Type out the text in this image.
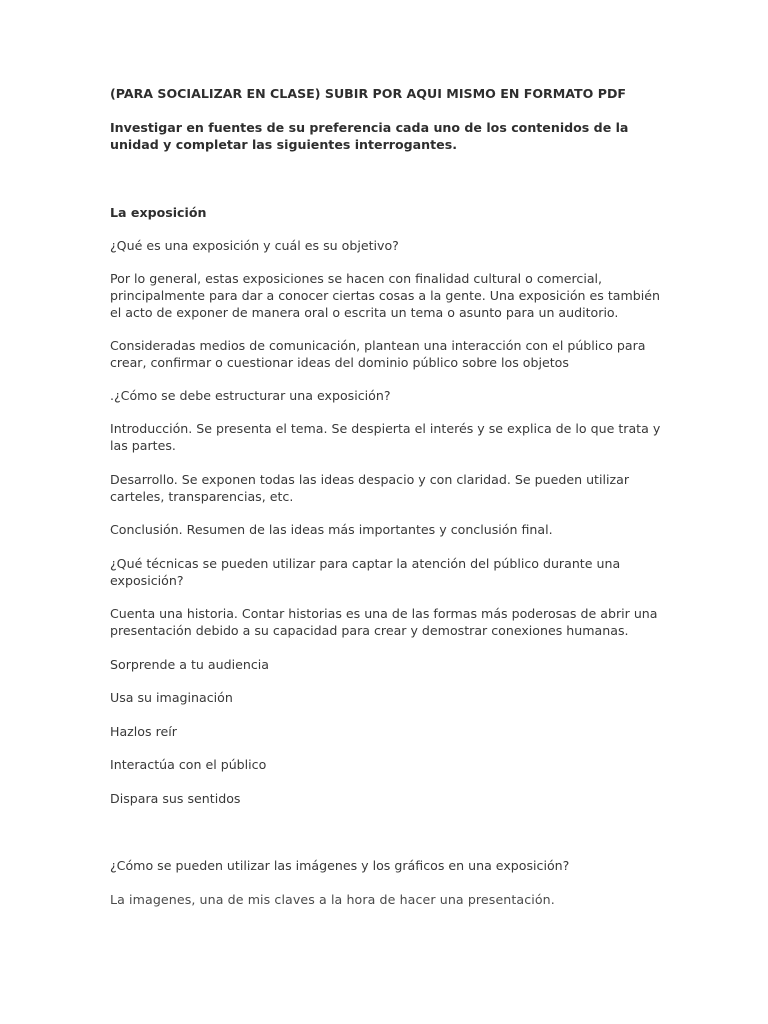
(PARA SOCIALIZAR EN CLASE) SUBIR POR AQUI MISMO EN FORMATO PDF

Investigar en fuentes de su preferencia cada uno de los contenidos de la unidad y completar las siguientes interrogantes.

La exposición

¿Qué es una exposición y cuál es su objetivo?

Por lo general, estas exposiciones se hacen con finalidad cultural o comercial, principalmente para dar a conocer ciertas cosas a la gente. Una exposición es también el acto de exponer de manera oral o escrita un tema o asunto para un auditorio.

Consideradas medios de comunicación, plantean una interacción con el público para crear, confirmar o cuestionar ideas del dominio público sobre los objetos

.¿Cómo se debe estructurar una exposición?

Introducción. Se presenta el tema. Se despierta el interés y se explica de lo que trata y las partes.

Desarrollo. Se exponen todas las ideas despacio y con claridad. Se pueden utilizar carteles, transparencias, etc.

Conclusión. Resumen de las ideas más importantes y conclusión final.

¿Qué técnicas se pueden utilizar para captar la atención del público durante una exposición?

Cuenta una historia. Contar historias es una de las formas más poderosas de abrir una presentación debido a su capacidad para crear y demostrar conexiones humanas.

Sorprende a tu audiencia

Usa su imaginación

Hazlos reír

Interactúa con el público

Dispara sus sentidos

¿Cómo se pueden utilizar las imágenes y los gráficos en una exposición?

La imagenes, una de mis claves a la hora de hacer una presentación.
